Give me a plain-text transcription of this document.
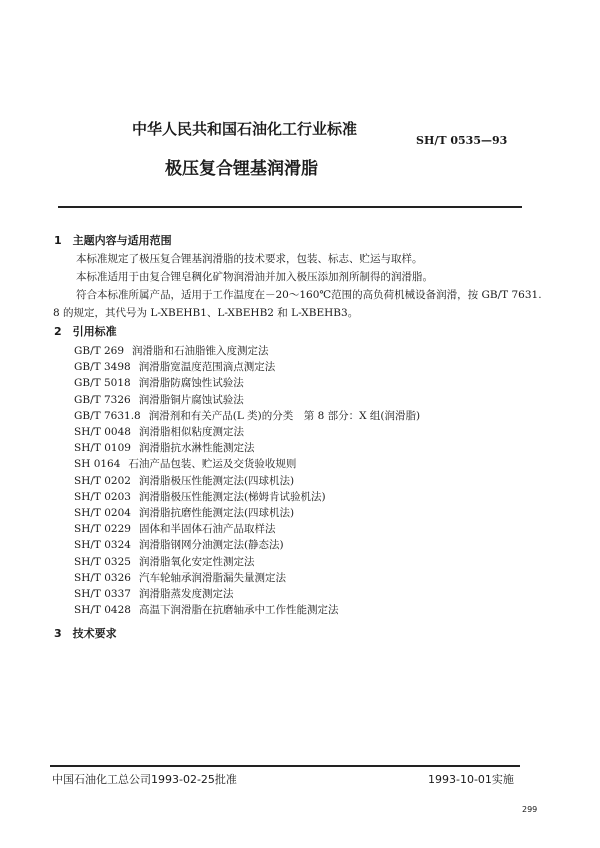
中华人民共和国石油化工行业标准
SH/T 0535—93
极压复合锂基润滑脂
1　主题内容与适用范围
本标准规定了极压复合锂基润滑脂的技术要求，包装、标志、贮运与取样。
本标准适用于由复合锂皂稠化矿物润滑油并加入极压添加剂所制得的润滑脂。
符合本标准所属产品，适用于工作温度在－20～160℃范围的高负荷机械设备润滑，按 GB/T 7631.
8 的规定，其代号为 L-XBEHB1、L-XBEHB2 和 L-XBEHB3。
2　引用标准
GB/T 269 润滑脂和石油脂锥入度测定法
GB/T 3498 润滑脂宽温度范围滴点测定法
GB/T 5018 润滑脂防腐蚀性试验法
GB/T 7326 润滑脂铜片腐蚀试验法
GB/T 7631.8 润滑剂和有关产品(L 类)的分类　第 8 部分：X 组(润滑脂)
SH/T 0048 润滑脂相似粘度测定法
SH/T 0109 润滑脂抗水淋性能测定法
SH 0164 石油产品包装、贮运及交货验收规则
SH/T 0202 润滑脂极压性能测定法(四球机法)
SH/T 0203 润滑脂极压性能测定法(梯姆肯试验机法)
SH/T 0204 润滑脂抗磨性能测定法(四球机法)
SH/T 0229 固体和半固体石油产品取样法
SH/T 0324 润滑脂钢网分油测定法(静态法)
SH/T 0325 润滑脂氧化安定性测定法
SH/T 0326 汽车轮轴承润滑脂漏失量测定法
SH/T 0337 润滑脂蒸发度测定法
SH/T 0428 高温下润滑脂在抗磨轴承中工作性能测定法
3　技术要求
中国石油化工总公司1993-02-25批准	1993-10-01实施
299
